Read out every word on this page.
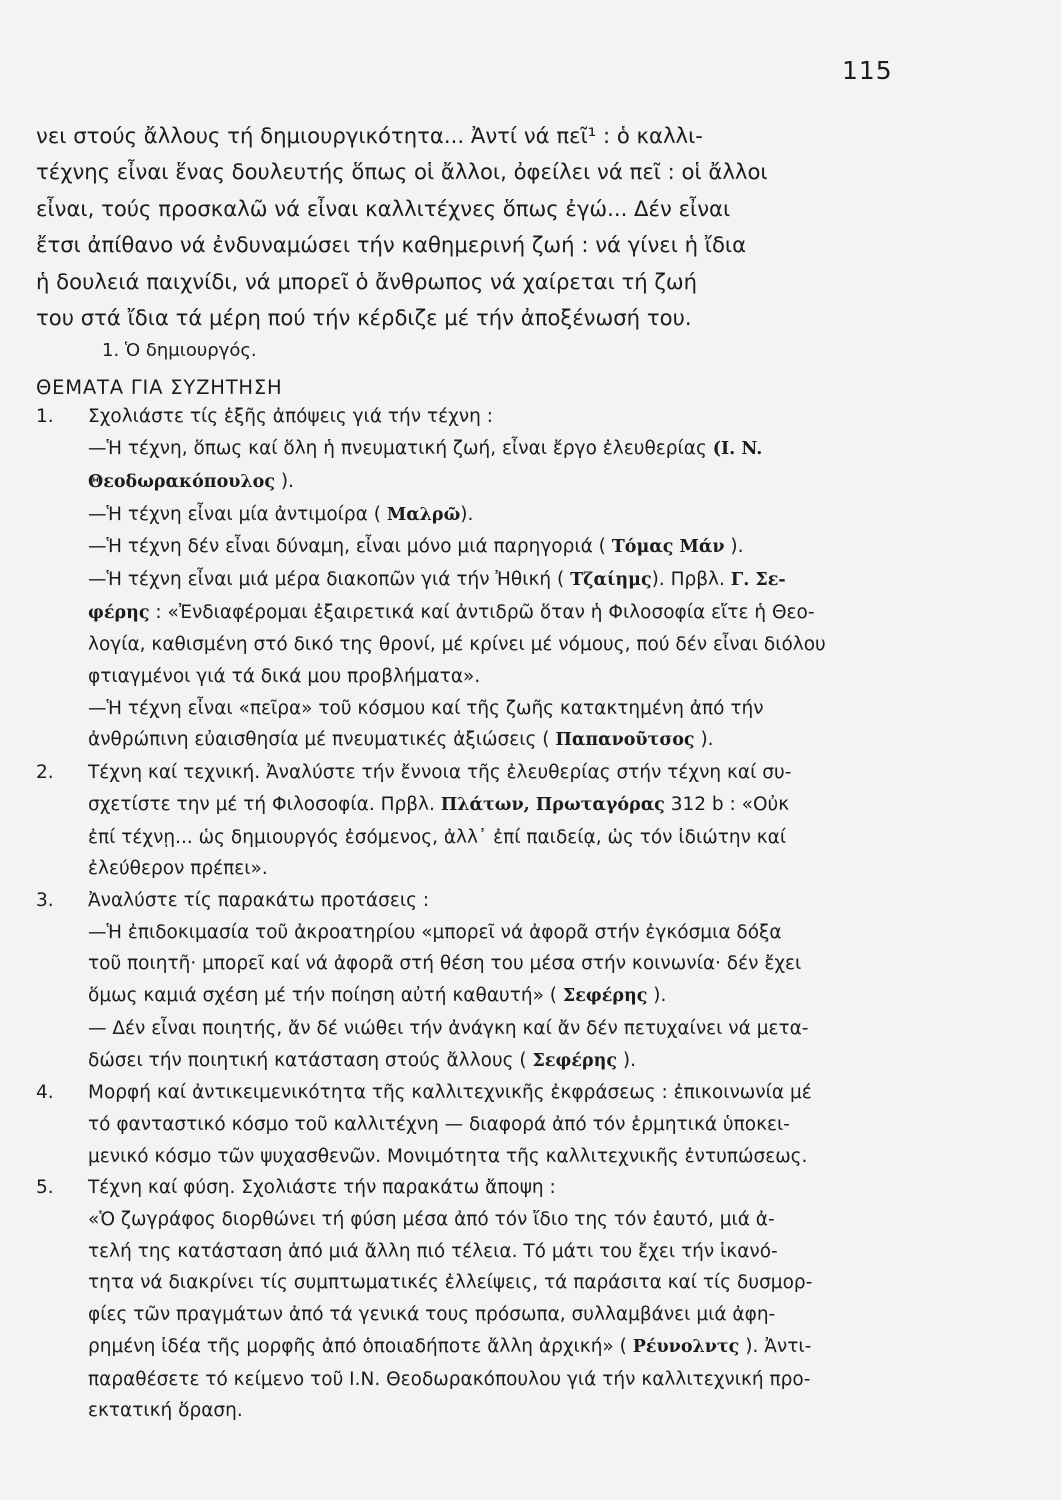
115

νει στούς ἄλλους τή δημιουργικότητα... Ἀντί νά πεῖ¹ : ὁ καλλι-

τέχνης εἶναι ἕνας δουλευτής ὅπως οἱ ἄλλοι, ὀφείλει νά πεῖ : οἱ ἄλλοι

εἶναι, τούς προσκαλῶ νά εἶναι καλλιτέχνες ὅπως ἐγώ... Δέν εἶναι

ἔτσι ἀπίθανο νά ἐνδυναμώσει τήν καθημερινή ζωή : νά γίνει ἡ ἴδια

ἡ δουλειά παιχνίδι, νά μπορεῖ ὁ ἄνθρωπος νά χαίρεται τή ζωή

του στά ἴδια τά μέρη πού τήν κέρδιζε μέ τήν ἀποξένωσή του.

1. Ὁ δημιουργός.

ΘΕΜΑΤΑ ΓΙΑ ΣΥΖΗΤΗΣΗ
1. Σχολιάστε τίς ἑξῆς ἀπόψεις γιά τήν τέχνη :
—Ἡ τέχνη, ὅπως καί ὅλη ἡ πνευματική ζωή, εἶναι ἔργο ἐλευθερίας (I. N.
Θεοδωρακόπουλος ).
—Ἡ τέχνη εἶναι μία ἀντιμοίρα ( Μαλρῶ).
—Ἡ τέχνη δέν εἶναι δύναμη, εἶναι μόνο μιά παρηγοριά ( Τόμας Μάν ).
—Ἡ τέχνη εἶναι μιά μέρα διακοπῶν γιά τήν Ἠθική ( Τζαίημς). Πρβλ. Γ. Σε-
φέρης : «Ἐνδιαφέρομαι ἐξαιρετικά καί ἀντιδρῶ ὅταν ἡ Φιλοσοφία εἴτε ἡ Θεο-
λογία, καθισμένη στό δικό της θρονί, μέ κρίνει μέ νόμους, πού δέν εἶναι διόλου
φτιαγμένοι γιά τά δικά μου προβλήματα».
—Ἡ τέχνη εἶναι «πεῖρα» τοῦ κόσμου καί τῆς ζωῆς κατακτημένη ἀπό τήν
ἀνθρώπινη εὐαισθησία μέ πνευματικές ἀξιώσεις ( Παπανοῦτσος ).
2. Τέχνη καί τεχνική. Ἀναλύστε τήν ἔννοια τῆς ἐλευθερίας στήν τέχνη καί συ-
σχετίστε την μέ τή Φιλοσοφία. Πρβλ. Πλάτων, Πρωταγόρας 312 b : «Οὐκ
ἐπί τέχνῃ... ὡς δημιουργός ἐσόμενος, ἀλλ᾽ ἐπί παιδείᾳ, ὡς τόν ἰδιώτην καί
ἐλεύθερον πρέπει».
3. Ἀναλύστε τίς παρακάτω προτάσεις :
—Ἡ ἐπιδοκιμασία τοῦ ἀκροατηρίου «μπορεῖ νά ἀφορᾶ στήν ἐγκόσμια δόξα
τοῦ ποιητῆ· μπορεῖ καί νά ἀφορᾶ στή θέση του μέσα στήν κοινωνία· δέν ἔχει
ὅμως καμιά σχέση μέ τήν ποίηση αὐτή καθαυτή» ( Σεφέρης ).
— Δέν εἶναι ποιητής, ἄν δέ νιώθει τήν ἀνάγκη καί ἄν δέν πετυχαίνει νά μετα-
δώσει τήν ποιητική κατάσταση στούς ἄλλους ( Σεφέρης ).
4. Μορφή καί ἀντικειμενικότητα τῆς καλλιτεχνικῆς ἐκφράσεως : ἐπικοινωνία μέ
τό φανταστικό κόσμο τοῦ καλλιτέχνη — διαφορά ἀπό τόν ἑρμητικά ὑποκει-
μενικό κόσμο τῶν ψυχασθενῶν. Μονιμότητα τῆς καλλιτεχνικῆς ἐντυπώσεως.
5. Τέχνη καί φύση. Σχολιάστε τήν παρακάτω ἄποψη :
«Ὁ ζωγράφος διορθώνει τή φύση μέσα ἀπό τόν ἴδιο της τόν ἑαυτό, μιά ἀ-
τελή της κατάσταση ἀπό μιά ἄλλη πιό τέλεια. Τό μάτι του ἔχει τήν ἱκανό-
τητα νά διακρίνει τίς συμπτωματικές ἐλλείψεις, τά παράσιτα καί τίς δυσμορ-
φίες τῶν πραγμάτων ἀπό τά γενικά τους πρόσωπα, συλλαμβάνει μιά ἀφη-
ρημένη ἰδέα τῆς μορφῆς ἀπό ὁποιαδήποτε ἄλλη ἀρχική» ( Ρέυνολντς ). Ἀντι-
παραθέσετε τό κείμενο τοῦ I.N. Θεοδωρακόπουλου γιά τήν καλλιτεχνική προ-
εκτατική ὅραση.
